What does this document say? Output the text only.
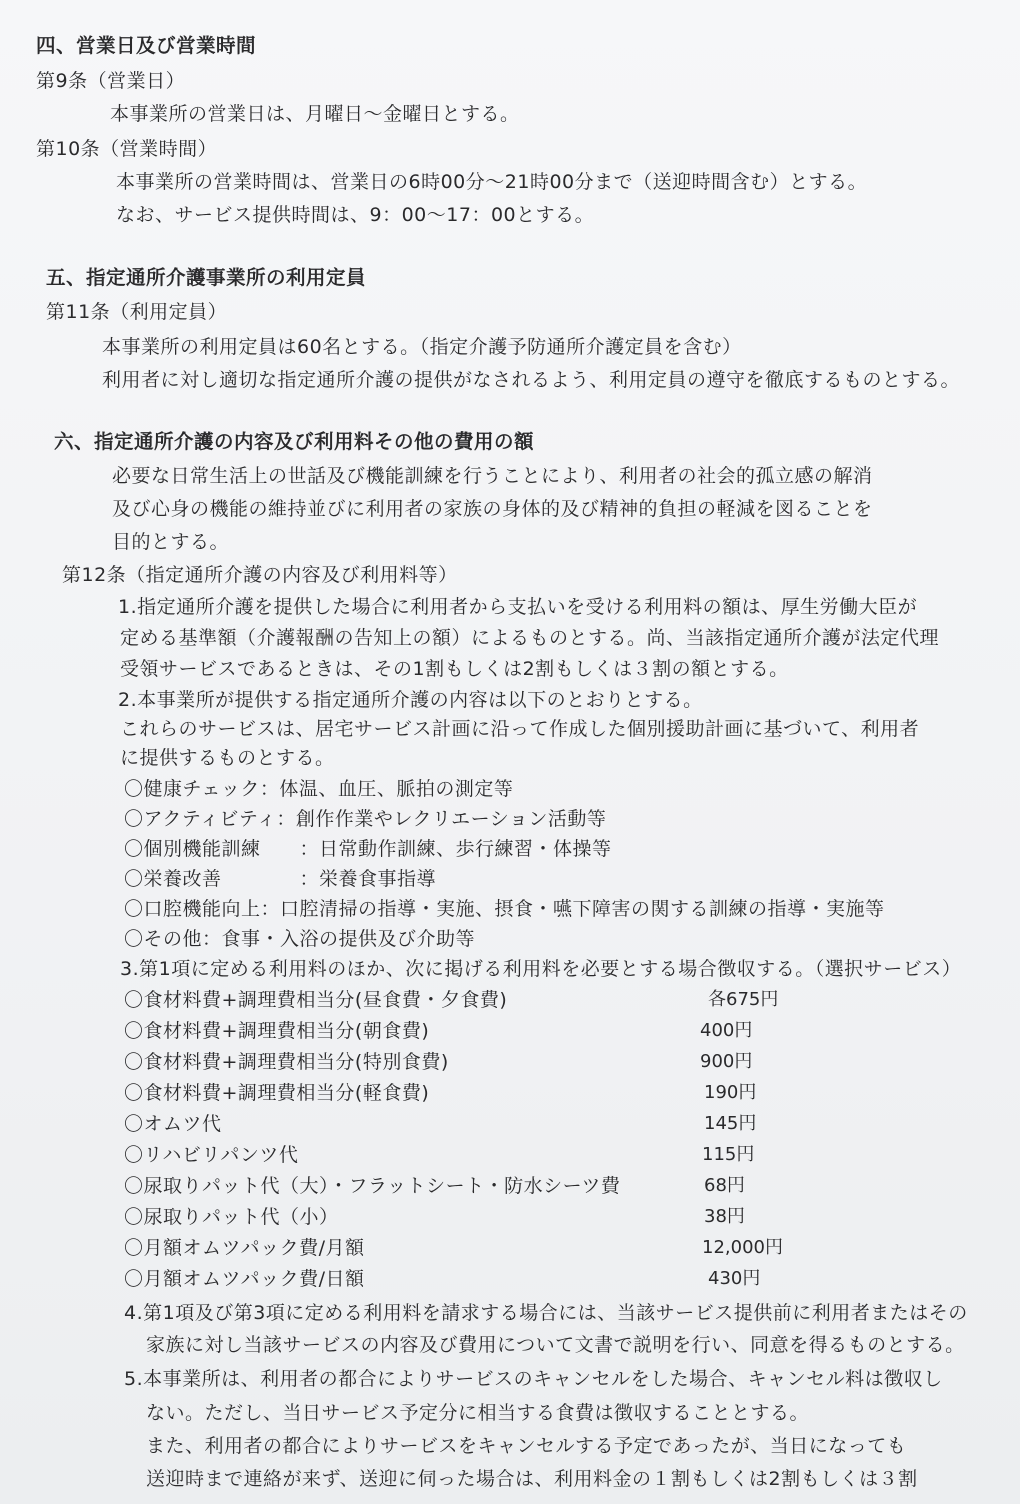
四、営業日及び営業時間
第9条（営業日）
本事業所の営業日は、月曜日～金曜日とする。
第10条（営業時間）
本事業所の営業時間は、営業日の6時00分～21時00分まで（送迎時間含む）とする。
なお、サービス提供時間は、9：00～17：00とする。
五、指定通所介護事業所の利用定員
第11条（利用定員）
本事業所の利用定員は60名とする。（指定介護予防通所介護定員を含む）
利用者に対し適切な指定通所介護の提供がなされるよう、利用定員の遵守を徹底するものとする。
六、指定通所介護の内容及び利用料その他の費用の額
必要な日常生活上の世話及び機能訓練を行うことにより、利用者の社会的孤立感の解消
及び心身の機能の維持並びに利用者の家族の身体的及び精神的負担の軽減を図ることを
目的とする。
第12条（指定通所介護の内容及び利用料等）
1.指定通所介護を提供した場合に利用者から支払いを受ける利用料の額は、厚生労働大臣が
定める基準額（介護報酬の告知上の額）によるものとする。尚、当該指定通所介護が法定代理
受領サービスであるときは、その1割もしくは2割もしくは３割の額とする。
2.本事業所が提供する指定通所介護の内容は以下のとおりとする。
これらのサービスは、居宅サービス計画に沿って作成した個別援助計画に基づいて、利用者
に提供するものとする。
〇健康チェック：体温、血圧、脈拍の測定等
〇アクティビティ：創作作業やレクリエーション活動等
〇個別機能訓練　　：日常動作訓練、歩行練習・体操等
〇栄養改善　　　　：栄養食事指導
〇口腔機能向上：口腔清掃の指導・実施、摂食・嚥下障害の関する訓練の指導・実施等
〇その他：食事・入浴の提供及び介助等
3.第1項に定める利用料のほか、次に掲げる利用料を必要とする場合徴収する。（選択サービス）
〇食材料費+調理費相当分(昼食費・夕食費)	各675円
〇食材料費+調理費相当分(朝食費)	400円
〇食材料費+調理費相当分(特別食費)	900円
〇食材料費+調理費相当分(軽食費)	190円
〇オムツ代	145円
〇リハビリパンツ代	115円
〇尿取りパット代（大）・フラットシート・防水シーツ費	68円
〇尿取りパット代（小）	38円
〇月額オムツパック費/月額	12,000円
〇月額オムツパック費/日額	430円
4.第1項及び第3項に定める利用料を請求する場合には、当該サービス提供前に利用者またはその
家族に対し当該サービスの内容及び費用について文書で説明を行い、同意を得るものとする。
5.本事業所は、利用者の都合によりサービスのキャンセルをした場合、キャンセル料は徴収し
ない。ただし、当日サービス予定分に相当する食費は徴収することとする。
また、利用者の都合によりサービスをキャンセルする予定であったが、当日になっても
送迎時まで連絡が来ず、送迎に伺った場合は、利用料金の１割もしくは2割もしくは３割
